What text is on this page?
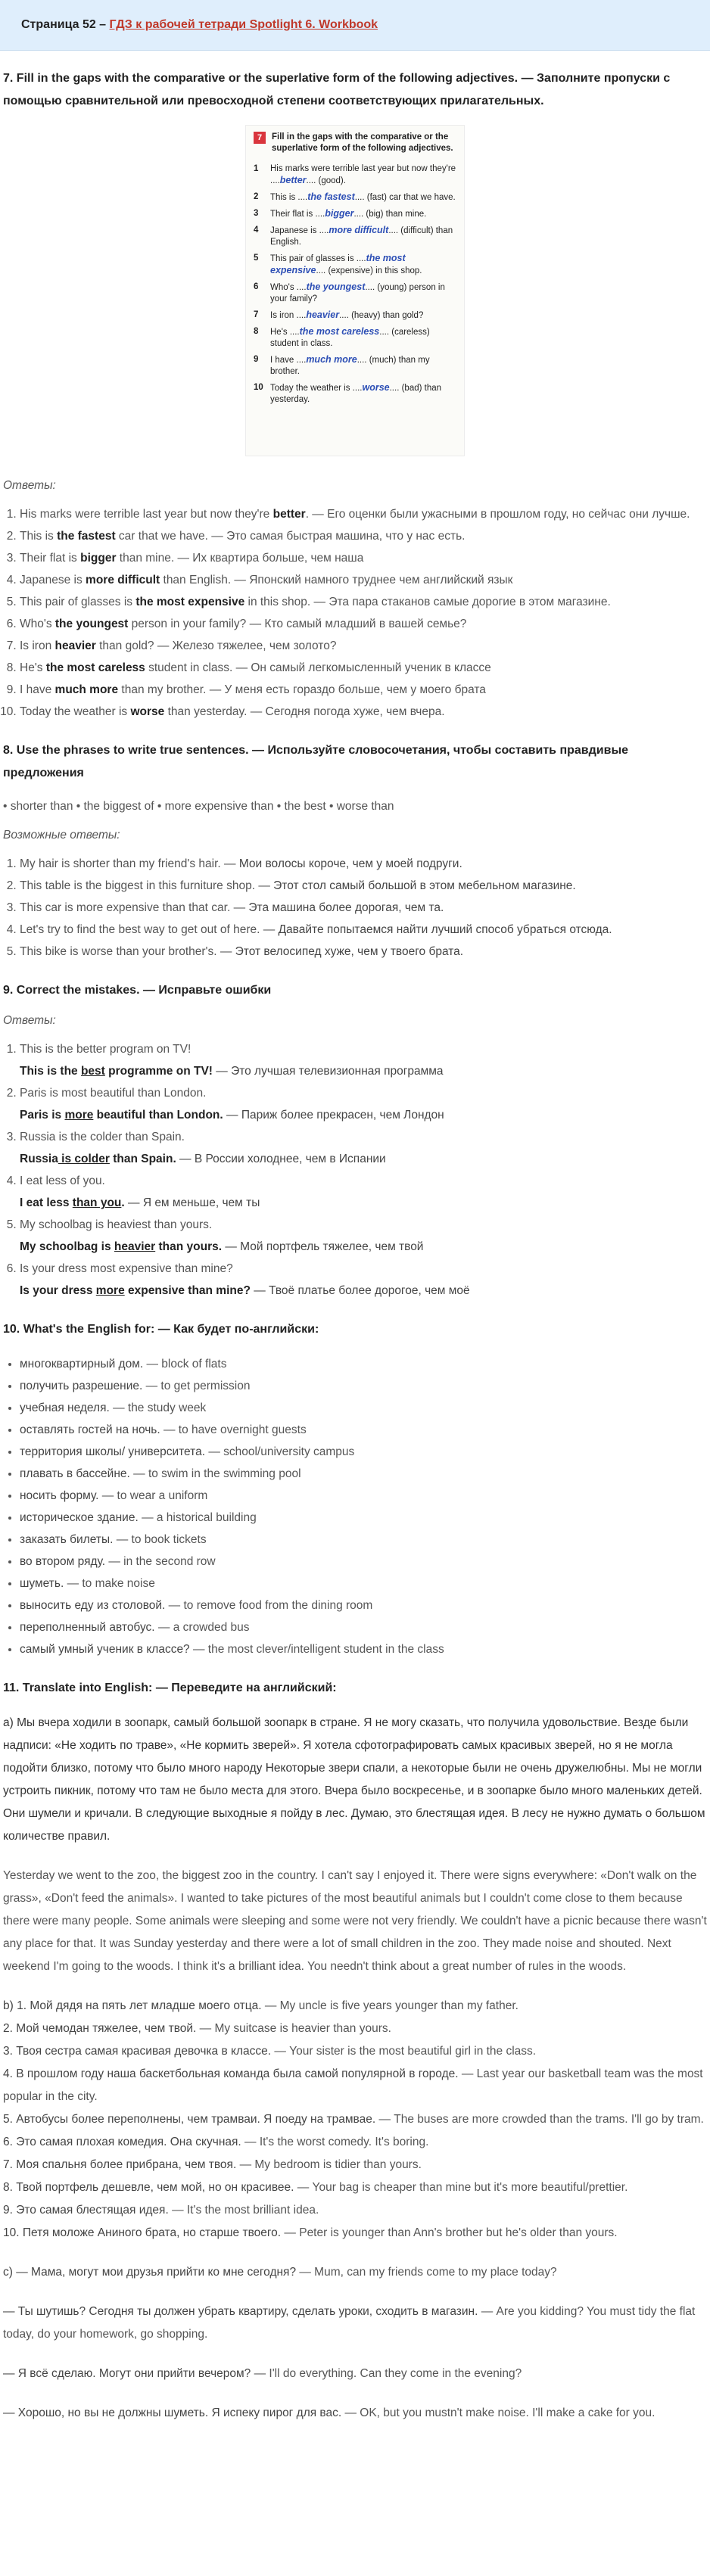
Страница 52 – ГДЗ к рабочей тетради Spotlight 6. Workbook
7. Fill in the gaps with the comparative or the superlative form of the following adjectives. — Заполните пропуски с помощью сравнительной или превосходной степени соответствующих прилагательных.
7	Fill in the gaps with the comparative or the superlative form of the following adjectives.
1	His marks were terrible last year but now they're ....better.... (good).
2	This is ....the fastest.... (fast) car that we have.
3	Their flat is ....bigger.... (big) than mine.
4	Japanese is ....more difficult.... (difficult) than English.
5	This pair of glasses is ....the most expensive.... (expensive) in this shop.
6	Who's ....the youngest.... (young) person in your family?
7	Is iron ....heavier.... (heavy) than gold?
8	He's ....the most careless.... (careless) student in class.
9	I have ....much more.... (much) than my brother.
10 Today the weather is ....worse.... (bad) than yesterday.
Ответы:
1. His marks were terrible last year but now they're better. — Его оценки были ужасными в прошлом году, но сейчас они лучше.
2. This is the fastest car that we have. — Это самая быстрая машина, что у нас есть.
3. Their flat is bigger than mine. — Их квартира больше, чем наша
4. Japanese is more difficult than English. — Японский намного труднее чем английский язык
5. This pair of glasses is the most expensive in this shop. — Эта пара стаканов самые дорогие в этом магазине.
6. Who's the youngest person in your family? — Кто самый младший в вашей семье?
7. Is iron heavier than gold? — Железо тяжелее, чем золото?
8. He's the most careless student in class. — Он самый легкомысленный ученик в классе
9. I have much more than my brother. — У меня есть гораздо больше, чем у моего брата
10. Today the weather is worse than yesterday. — Сегодня погода хуже, чем вчера.
8. Use the phrases to write true sentences. — Используйте словосочетания, чтобы составить правдивые предложения
• shorter than • the biggest of • more expensive than • the best • worse than
Возможные ответы:
1. My hair is shorter than my friend's hair. — Мои волосы короче, чем у моей подруги.
2. This table is the biggest in this furniture shop. — Этот стол самый большой в этом мебельном магазине.
3. This car is more expensive than that car. — Эта машина более дорогая, чем та.
4. Let's try to find the best way to get out of here. — Давайте попытаемся найти лучший способ убраться отсюда.
5. This bike is worse than your brother's. — Этот велосипед хуже, чем у твоего брата.
9. Correct the mistakes. — Исправьте ошибки
Ответы:
1. This is the better program on TV!
This is the best programme on TV! — Это лучшая телевизионная программа
2. Paris is most beautiful than London.
Paris is more beautiful than London. — Париж более прекрасен, чем Лондон
3. Russia is the colder than Spain.
Russia is colder than Spain. — В России холоднее, чем в Испании
4. I eat less of you.
I eat less than you. — Я ем меньше, чем ты
5. My schoolbag is heaviest than yours.
My schoolbag is heavier than yours. — Мой портфель тяжелее, чем твой
6. Is your dress most expensive than mine?
Is your dress more expensive than mine? — Твоё платье более дорогое, чем моё
10. What's the English for: — Как будет по-английски:
• многоквартирный дом. — block of flats
• получить разрешение. — to get permission
• учебная неделя. — the study week
• оставлять гостей на ночь. — to have overnight guests
• территория школы/ университета. — school/university campus
• плавать в бассейне. — to swim in the swimming pool
• носить форму. — to wear a uniform
• историческое здание. — a historical building
• заказать билеты. — to book tickets
• во втором ряду. — in the second row
• шуметь. — to make noise
• выносить еду из столовой. — to remove food from the dining room
• переполненный автобус. — a crowded bus
• самый умный ученик в классе? — the most clever/intelligent student in the class
11. Translate into English: — Переведите на английский:
а) Мы вчера ходили в зоопарк, самый большой зоопарк в стране. Я не могу сказать, что получила удовольствие. Везде были надписи: «Не ходить по траве», «Не кормить зверей». Я хотела сфотографировать самых красивых зверей, но я не могла подойти близко, потому что было много народу Некоторые звери спали, а некоторые были не очень дружелюбны. Мы не могли устроить пикник, потому что там не было места для этого. Вчера было воскресенье, и в зоопарке было много маленьких детей. Они шумели и кричали. В следующие выходные я пойду в лес. Думаю, это блестящая идея. В лесу не нужно думать о большом количестве правил.
Yesterday we went to the zoo, the biggest zoo in the country. I can't say I enjoyed it. There were signs everywhere: «Don't walk on the grass», «Don't feed the animals». I wanted to take pictures of the most beautiful animals but I couldn't come close to them because there were many people. Some animals were sleeping and some were not very friendly. We couldn't have a picnic because there wasn't any place for that. It was Sunday yesterday and there were a lot of small children in the zoo. They made noise and shouted. Next weekend I'm going to the woods. I think it's a brilliant idea. You needn't think about a great number of rules in the woods.
b) 1. Мой дядя на пять лет младше моего отца. — My uncle is five years younger than my father.
2. Мой чемодан тяжелее, чем твой. — My suitcase is heavier than yours.
3. Твоя сестра самая красивая девочка в классе. — Your sister is the most beautiful girl in the class.
4. В прошлом году наша баскетбольная команда была самой популярной в городе. — Last year our basketball team was the most popular in the city.
5. Автобусы более переполнены, чем трамваи. Я поеду на трамвае. — The buses are more crowded than the trams. I'll go by tram.
6. Это самая плохая комедия. Она скучная. — It's the worst comedy. It's boring.
7. Моя спальня более прибрана, чем твоя. — My bedroom is tidier than yours.
8. Твой портфель дешевле, чем мой, но он красивее. — Your bag is cheaper than mine but it's more beautiful/prettier.
9. Это самая блестящая идея. — It's the most brilliant idea.
10. Петя моложе Аниного брата, но старше твоего. — Peter is younger than Ann's brother but he's older than yours.
с) — Мама, могут мои друзья прийти ко мне сегодня? — Mum, can my friends come to my place today?
— Ты шутишь? Сегодня ты должен убрать квартиру, сделать уроки, сходить в магазин. — Are you kidding? You must tidy the flat today, do your homework, go shopping.
— Я всё сделаю. Могут они прийти вечером? — I'll do everything. Can they come in the evening?
— Хорошо, но вы не должны шуметь. Я испеку пирог для вас. — OK, but you mustn't make noise. I'll make a cake for you.
